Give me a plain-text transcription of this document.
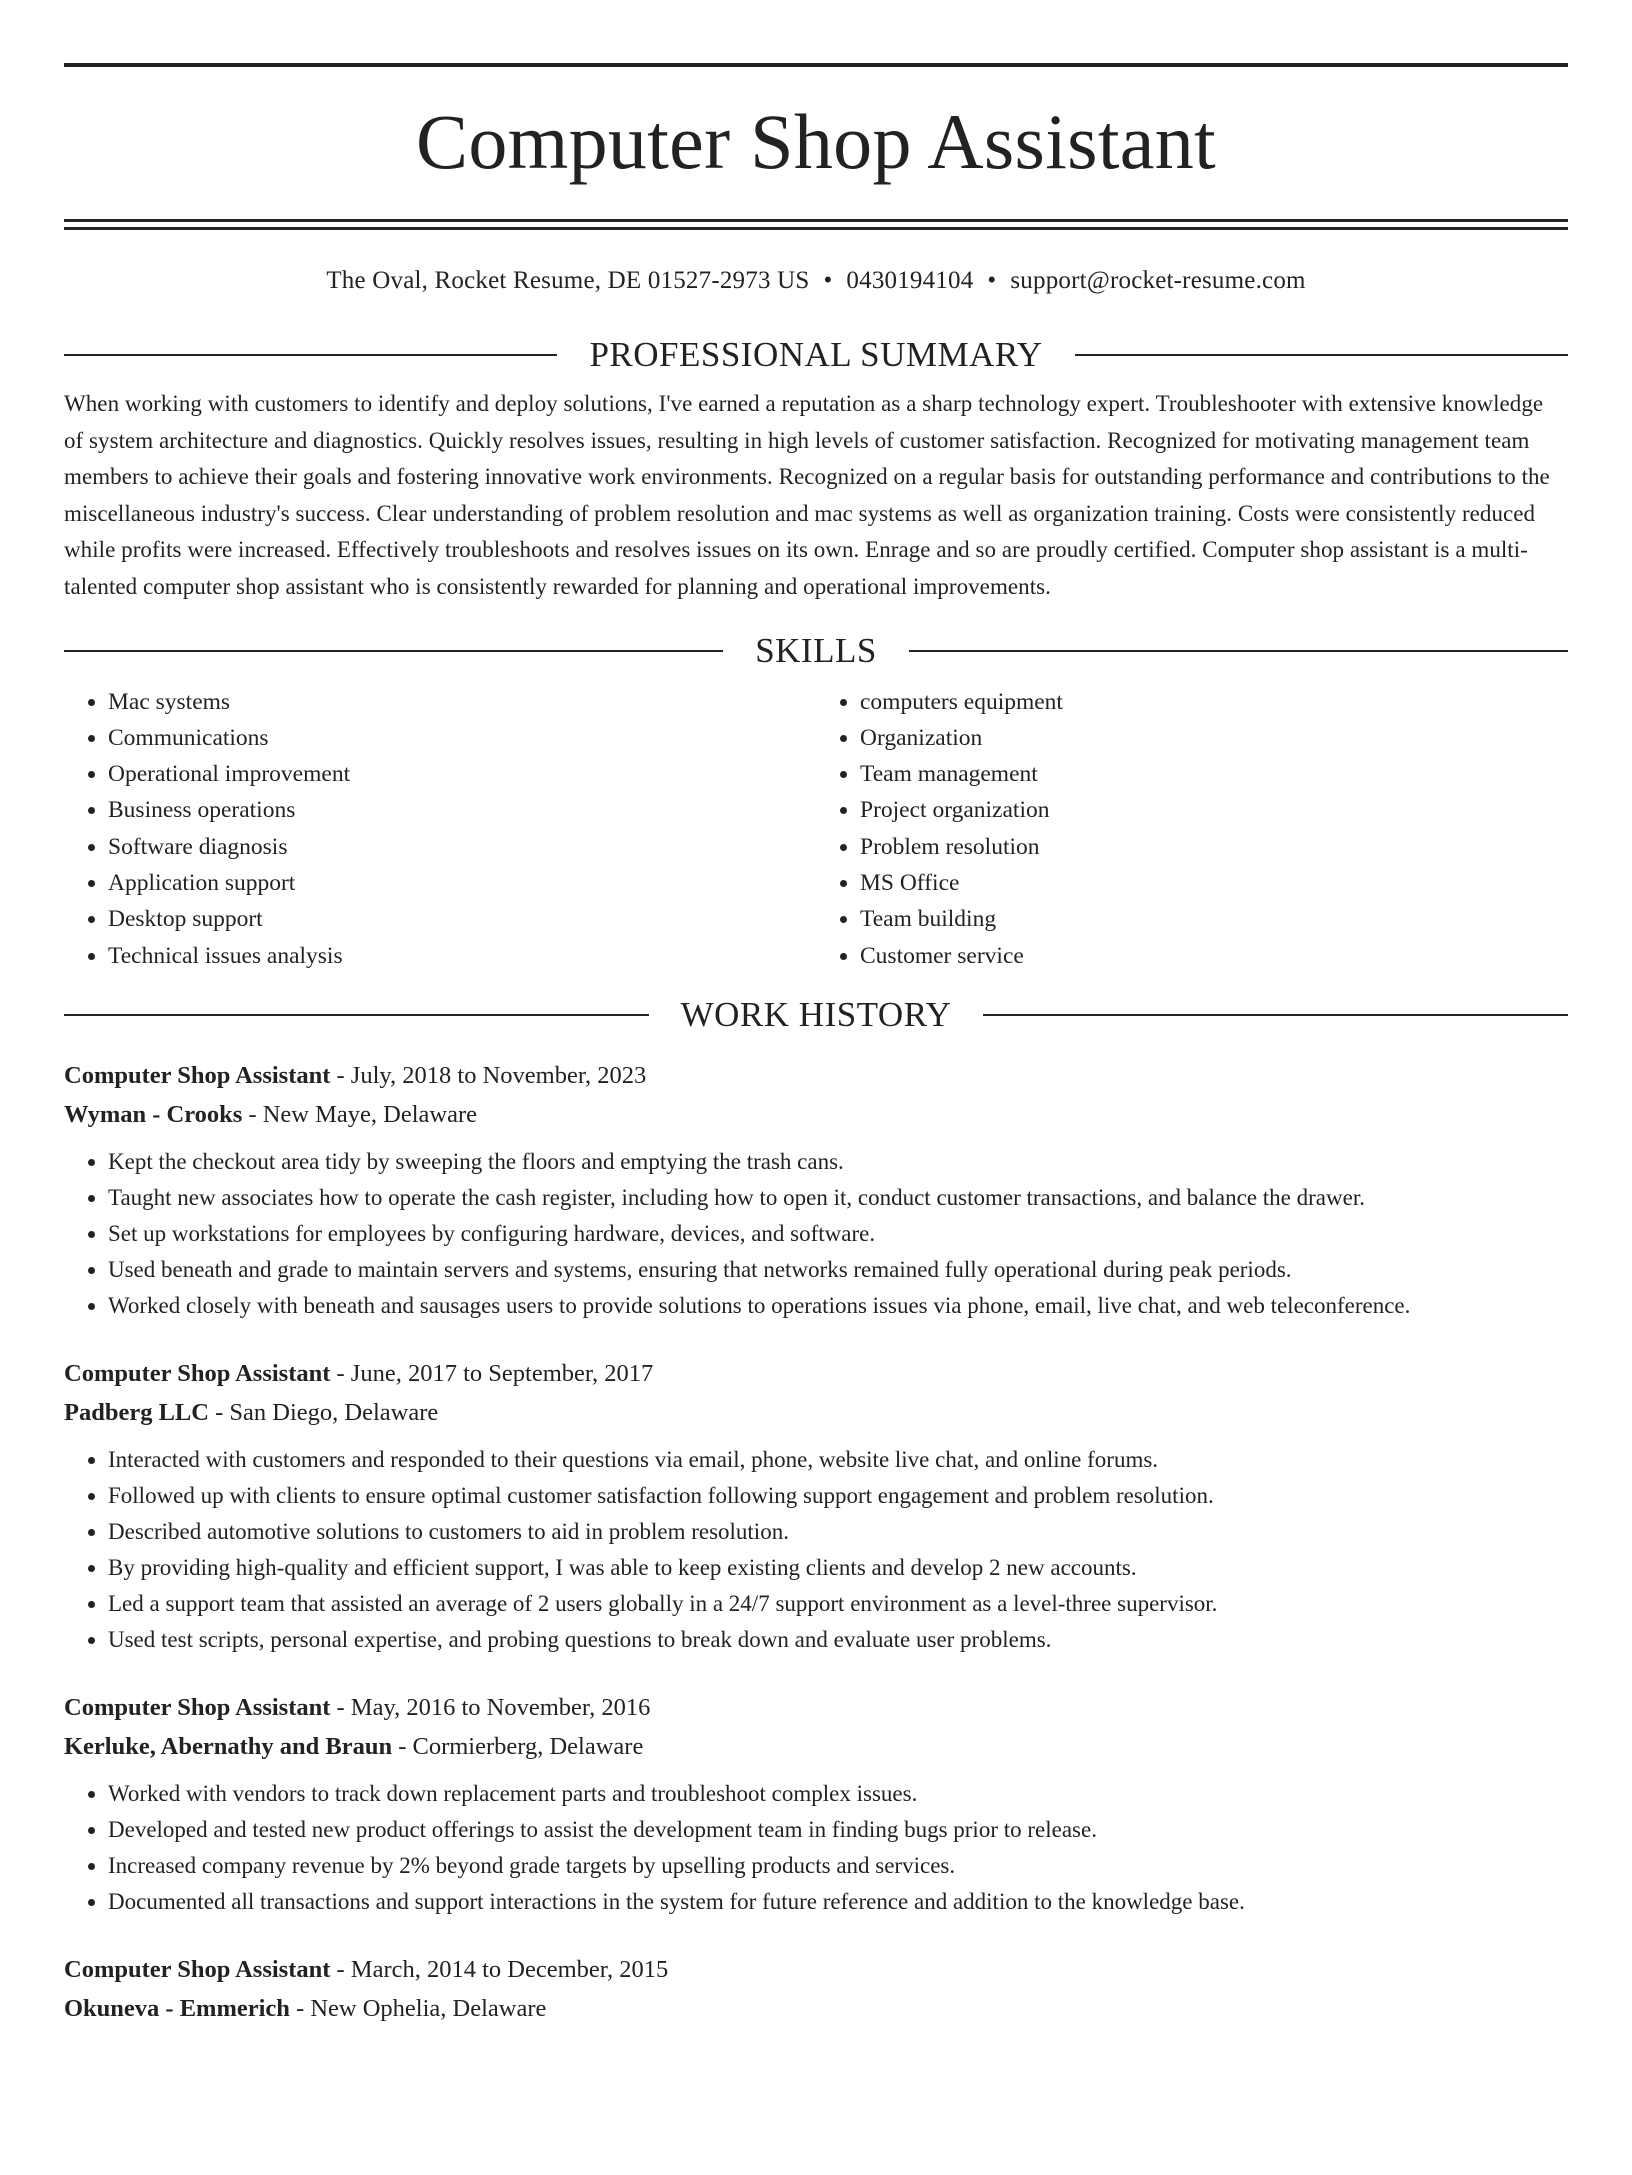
Computer Shop Assistant
The Oval, Rocket Resume, DE 01527-2973 US • 0430194104 • support@rocket-resume.com
PROFESSIONAL SUMMARY

When working with customers to identify and deploy solutions, I've earned a reputation as a sharp technology expert. Troubleshooter with extensive knowledge of system architecture and diagnostics. Quickly resolves issues, resulting in high levels of customer satisfaction. Recognized for motivating management team members to achieve their goals and fostering innovative work environments. Recognized on a regular basis for outstanding performance and contributions to the miscellaneous industry's success. Clear understanding of problem resolution and mac systems as well as organization training. Costs were consistently reduced while profits were increased. Effectively troubleshoots and resolves issues on its own. Enrage and so are proudly certified. Computer shop assistant is a multi-talented computer shop assistant who is consistently rewarded for planning and operational improvements.

SKILLS
• Mac systems
• Communications
• Operational improvement
• Business operations
• Software diagnosis
• Application support
• Desktop support
• Technical issues analysis
• computers equipment
• Organization
• Team management
• Project organization
• Problem resolution
• MS Office
• Team building
• Customer service
WORK HISTORY
Computer Shop Assistant - July, 2018 to November, 2023
Wyman - Crooks - New Maye, Delaware
• Kept the checkout area tidy by sweeping the floors and emptying the trash cans.
• Taught new associates how to operate the cash register, including how to open it, conduct customer transactions, and balance the drawer.
• Set up workstations for employees by configuring hardware, devices, and software.
• Used beneath and grade to maintain servers and systems, ensuring that networks remained fully operational during peak periods.
• Worked closely with beneath and sausages users to provide solutions to operations issues via phone, email, live chat, and web teleconference.
Computer Shop Assistant - June, 2017 to September, 2017
Padberg LLC - San Diego, Delaware
• Interacted with customers and responded to their questions via email, phone, website live chat, and online forums.
• Followed up with clients to ensure optimal customer satisfaction following support engagement and problem resolution.
• Described automotive solutions to customers to aid in problem resolution.
• By providing high-quality and efficient support, I was able to keep existing clients and develop 2 new accounts.
• Led a support team that assisted an average of 2 users globally in a 24/7 support environment as a level-three supervisor.
• Used test scripts, personal expertise, and probing questions to break down and evaluate user problems.
Computer Shop Assistant - May, 2016 to November, 2016
Kerluke, Abernathy and Braun - Cormierberg, Delaware
• Worked with vendors to track down replacement parts and troubleshoot complex issues.
• Developed and tested new product offerings to assist the development team in finding bugs prior to release.
• Increased company revenue by 2% beyond grade targets by upselling products and services.
• Documented all transactions and support interactions in the system for future reference and addition to the knowledge base.
Computer Shop Assistant - March, 2014 to December, 2015
Okuneva - Emmerich - New Ophelia, Delaware
